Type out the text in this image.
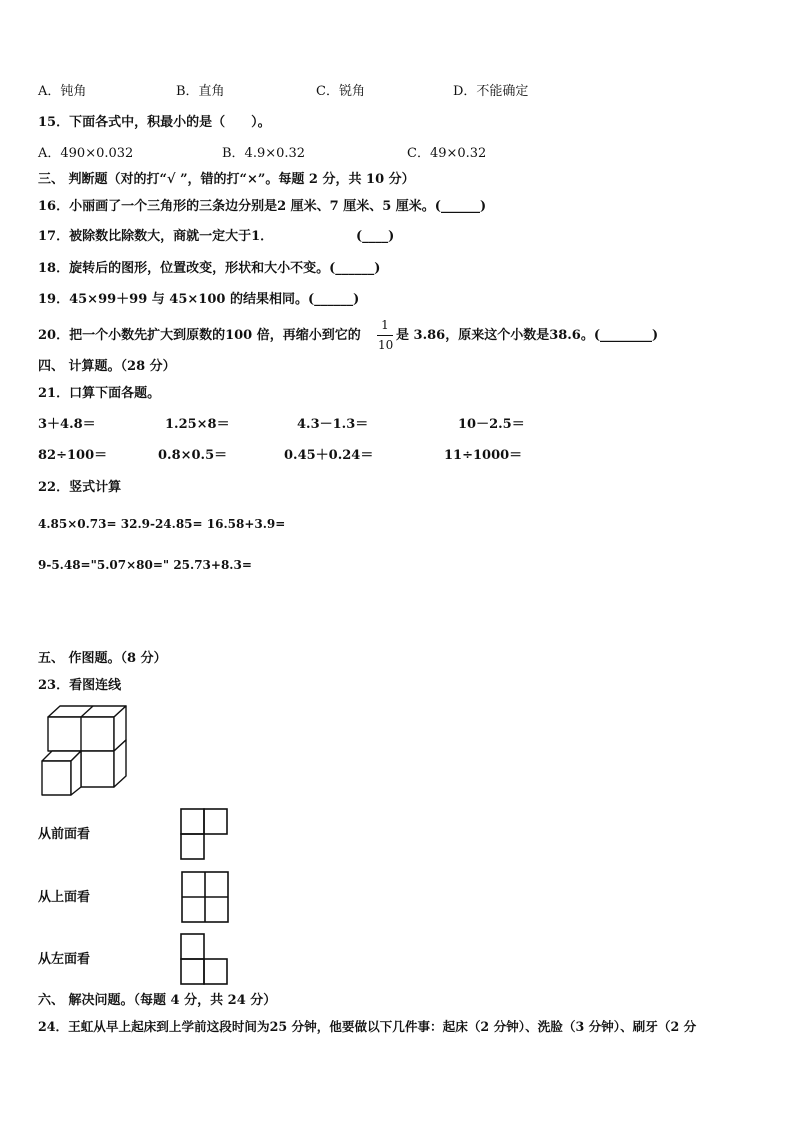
A．钝角	B．直角	C．锐角	D．不能确定
15．下面各式中，积最小的是（　　）。
A．490×0.032	B．4.9×0.32	C．49×0.32
三、 判断题（对的打“√ ”，错的打“×”。每题 2 分，共 10 分）
16．小丽画了一个三角形的三条边分别是2 厘米、7 厘米、5 厘米。(______)
17．被除数比除数大，商就一定大于1．	(____)
18．旋转后的图形，位置改变，形状和大小不变。(______)
19．45×99＋99 与 45×100 的结果相同。(______)
20．把一个小数先扩大到原数的100 倍，再缩小到它的
1
10
是 3.86，原来这个小数是38.6。(________)
四、 计算题。（28 分）
21．口算下面各题。
3＋4.8＝	1.25×8＝	4.3－1.3＝	10－2.5＝
82÷100＝	0.8×0.5＝	0.45＋0.24＝	11÷1000＝
22．竖式计算
4.85×0.73= 32.9-24.85= 16.58+3.9=
9-5.48="5.07×80=" 25.73+8.3=
五、 作图题。（8 分）
23．看图连线
从前面看
从上面看
从左面看
六、 解决问题。（每题 4 分，共 24 分）
24．王虹从早上起床到上学前这段时间为25 分钟，他要做以下几件事：起床（2 分钟）、洗脸（3 分钟）、刷牙（2 分
